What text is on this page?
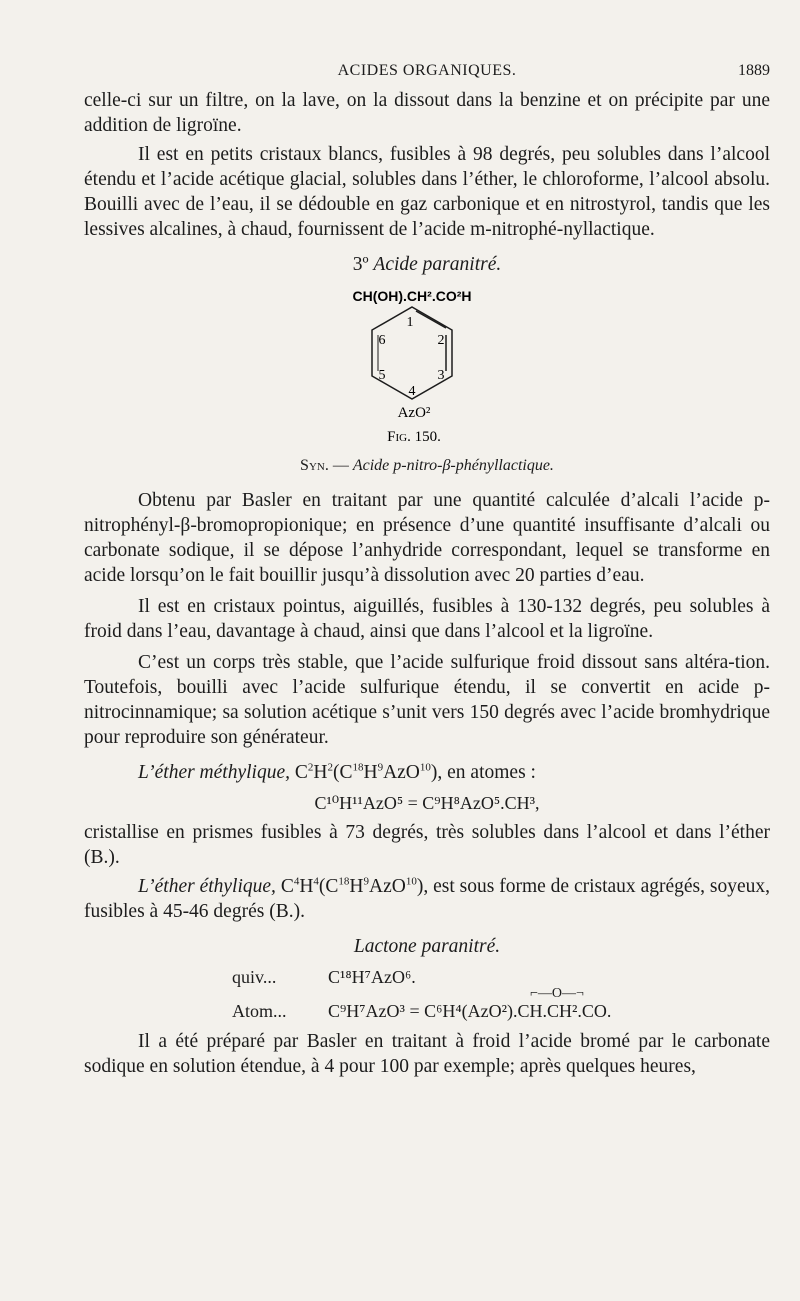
ACIDES ORGANIQUES.	1889

celle-ci sur un filtre, on la lave, on la dissout dans la benzine et on précipite par une addition de ligroïne.

Il est en petits cristaux blancs, fusibles à 98 degrés, peu solubles dans l’alcool étendu et l’acide acétique glacial, solubles dans l’éther, le chloroforme, l’alcool absolu. Bouilli avec de l’eau, il se dédouble en gaz carbonique et en nitrostyrol, tandis que les lessives alcalines, à chaud, fournissent de l’acide m-nitrophé-nyllactique.

3º Acide paranitré.

CH(OH).CH².CO²H
1
2
3
4
5
6
AzO²
Fig. 150.

Syn. — Acide p-nitro-β-phényllactique.

Obtenu par Basler en traitant par une quantité calculée d’alcali l’acide p-nitrophényl-β-bromopropionique; en présence d’une quantité insuffisante d’alcali ou carbonate sodique, il se dépose l’anhydride correspondant, lequel se transforme en acide lorsqu’on le fait bouillir jusqu’à dissolution avec 20 parties d’eau.

Il est en cristaux pointus, aiguillés, fusibles à 130-132 degrés, peu solubles à froid dans l’eau, davantage à chaud, ainsi que dans l’alcool et la ligroïne.

C’est un corps très stable, que l’acide sulfurique froid dissout sans altéra-tion. Toutefois, bouilli avec l’acide sulfurique étendu, il se convertit en acide p-nitrocinnamique; sa solution acétique s’unit vers 150 degrés avec l’acide bromhydrique pour reproduire son générateur.

L’éther méthylique, $C^2H^2(C^{18}H^9AzO^{10})$, en atomes :

C¹⁰H¹¹AzO⁵ = C⁹H⁸AzO⁵.CH³,

cristallise en prismes fusibles à 73 degrés, très solubles dans l’alcool et dans l’éther (B.).

L’éther éthylique, $C^4H^4(C^{18}H^9AzO^{10})$, est sous forme de cristaux agrégés, soyeux, fusibles à 45-46 degrés (B.).

Lactone paranitré.

quiv...	C¹⁸H⁷AzO⁶.
Atom... C⁹H⁷AzO³ = C⁶H⁴(AzO²).CH.CH².CO.
⌐—O—¬

Il a été préparé par Basler en traitant à froid l’acide bromé par le carbonate sodique en solution étendue, à 4 pour 100 par exemple; après quelques heures,
